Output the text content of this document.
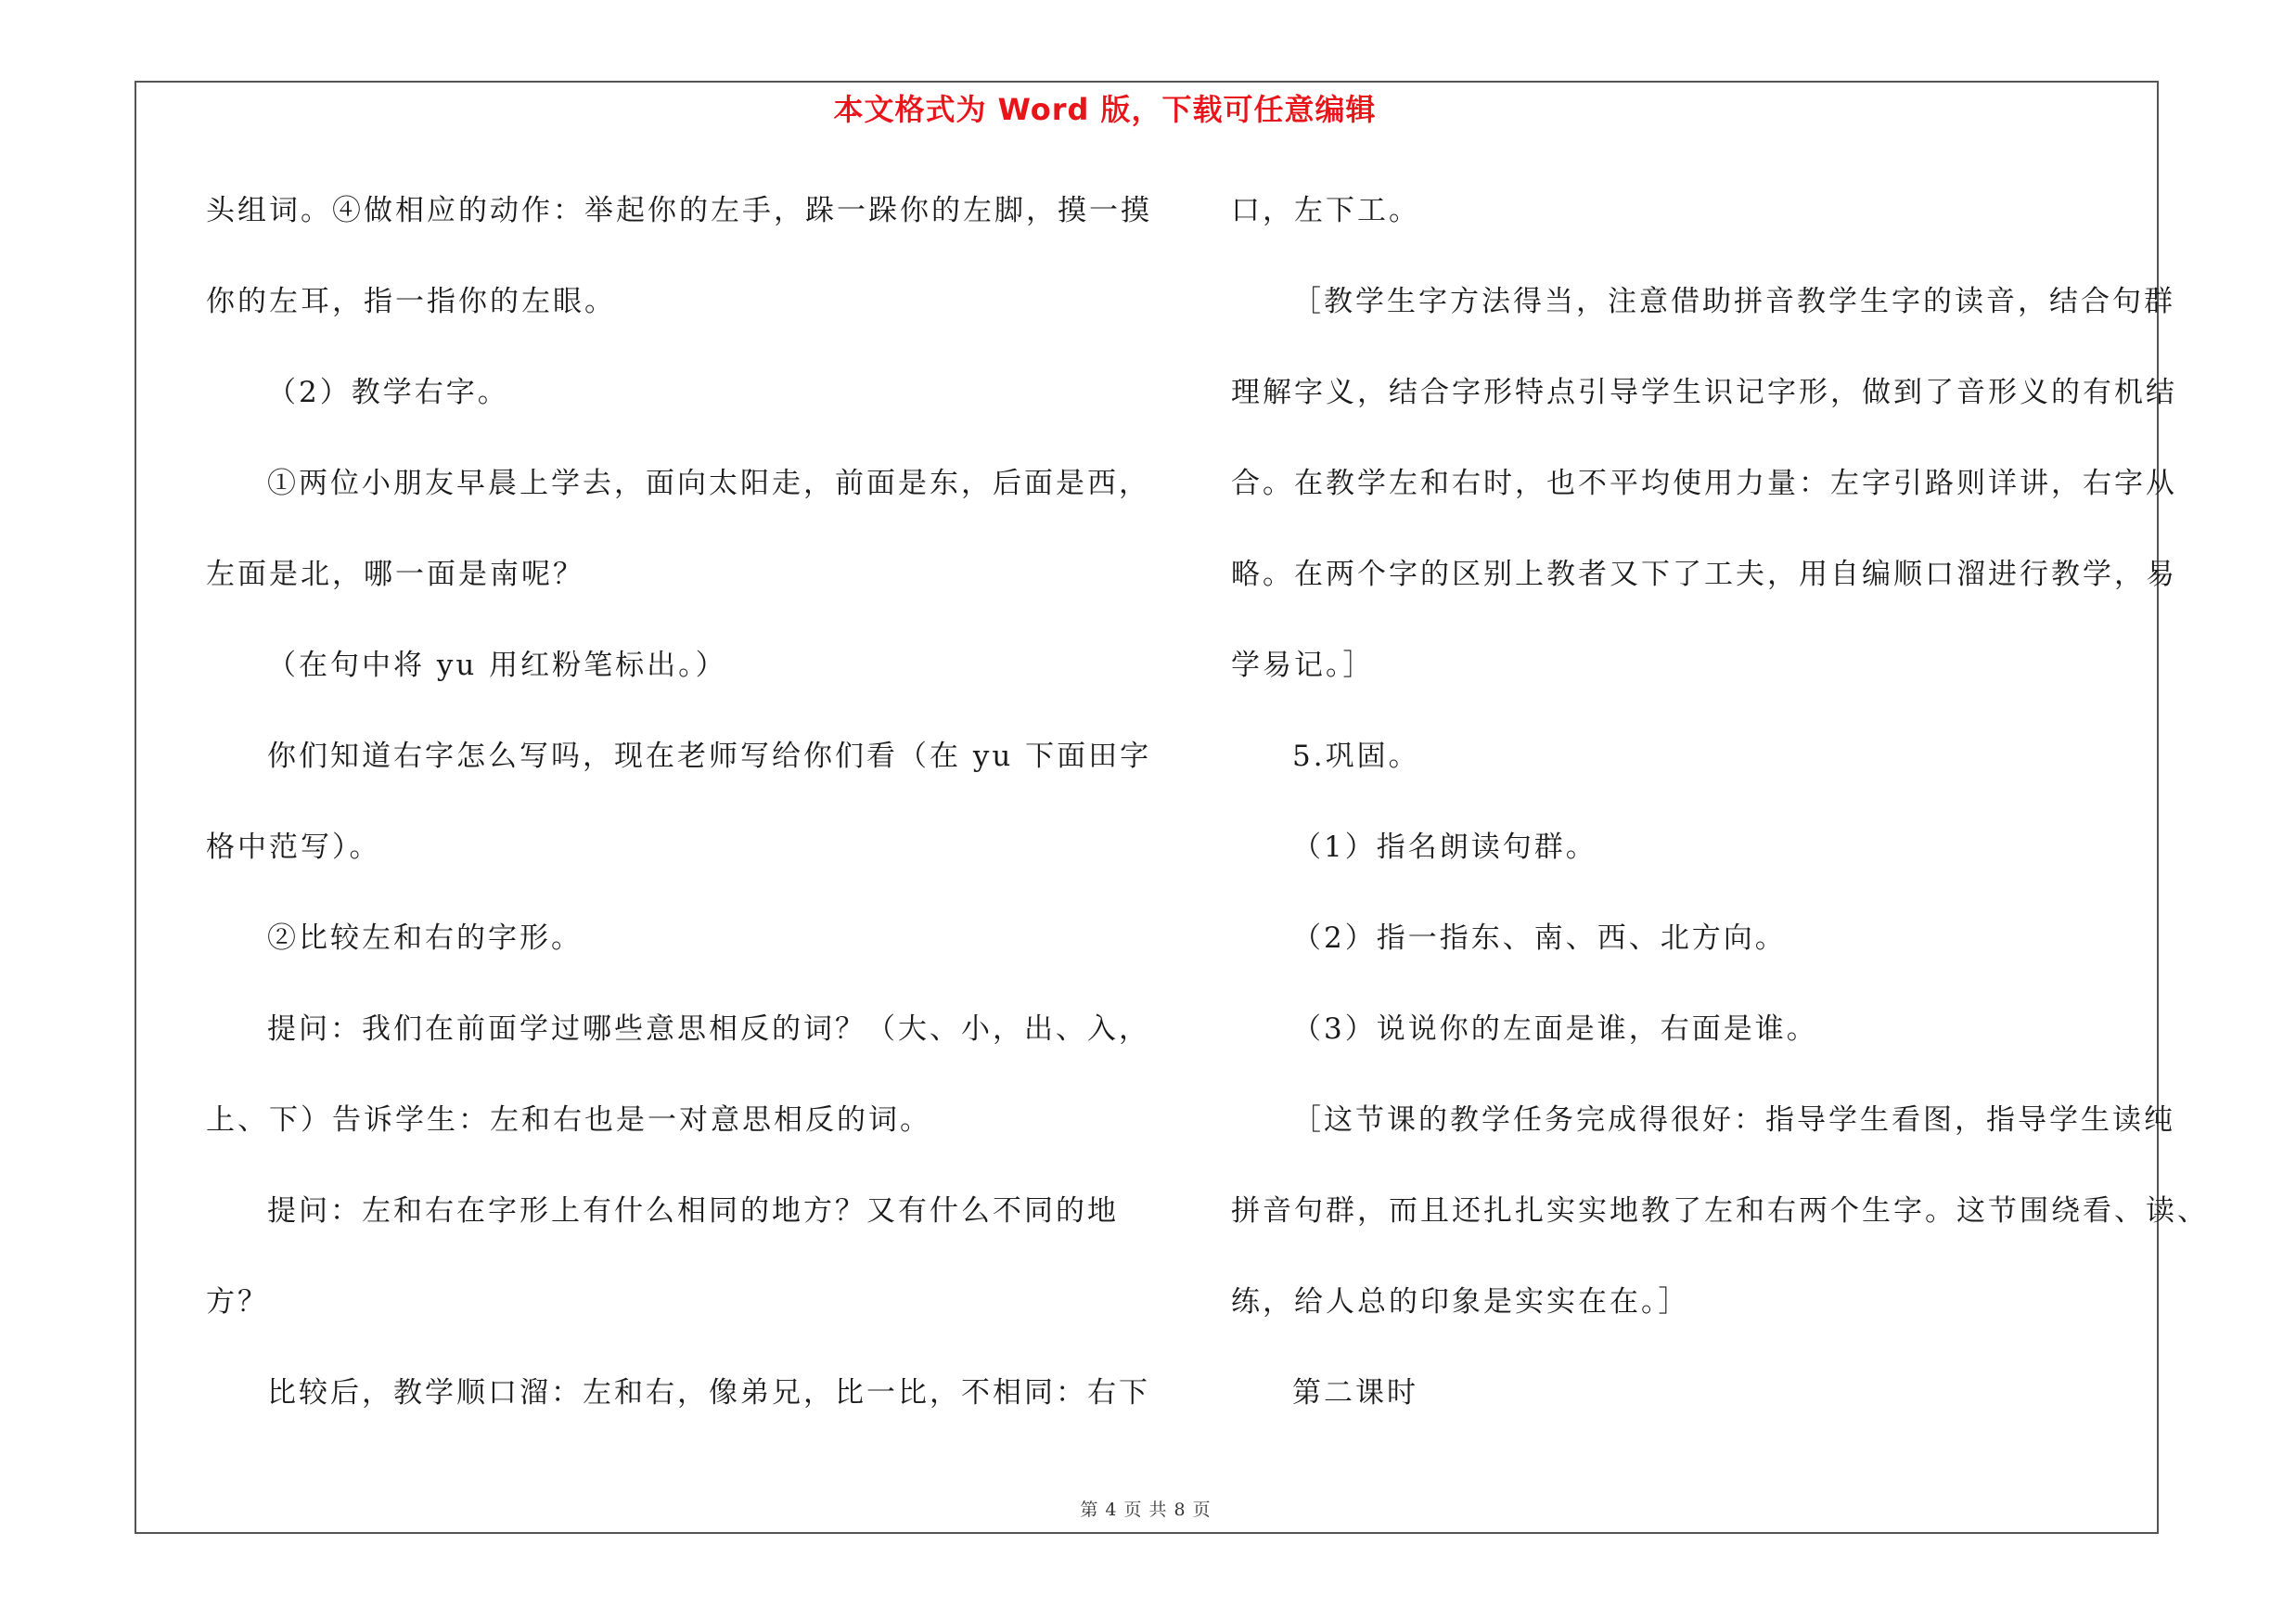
本文格式为 Word 版，下载可任意编辑
头组词。④做相应的动作：举起你的左手，跺一跺你的左脚，摸一摸
你的左耳，指一指你的左眼。
（2）教学右字。
①两位小朋友早晨上学去，面向太阳走，前面是东，后面是西，
左面是北，哪一面是南呢？
（在句中将 yu 用红粉笔标出。）
你们知道右字怎么写吗，现在老师写给你们看（在 yu 下面田字
格中范写）。
②比较左和右的字形。
提问：我们在前面学过哪些意思相反的词？（大、小，出、入，
上、下）告诉学生：左和右也是一对意思相反的词。
提问：左和右在字形上有什么相同的地方？又有什么不同的地
方？
比较后，教学顺口溜：左和右，像弟兄，比一比，不相同：右下
口，左下工。
［教学生字方法得当，注意借助拼音教学生字的读音，结合句群
理解字义，结合字形特点引导学生识记字形，做到了音形义的有机结
合。在教学左和右时，也不平均使用力量：左字引路则详讲，右字从
略。在两个字的区别上教者又下了工夫，用自编顺口溜进行教学，易
学易记。］
5.巩固。
（1）指名朗读句群。
（2）指一指东、南、西、北方向。
（3）说说你的左面是谁，右面是谁。
［这节课的教学任务完成得很好：指导学生看图，指导学生读纯
拼音句群，而且还扎扎实实地教了左和右两个生字。这节围绕看、读、
练，给人总的印象是实实在在。］
第二课时
第 4 页 共 8 页
